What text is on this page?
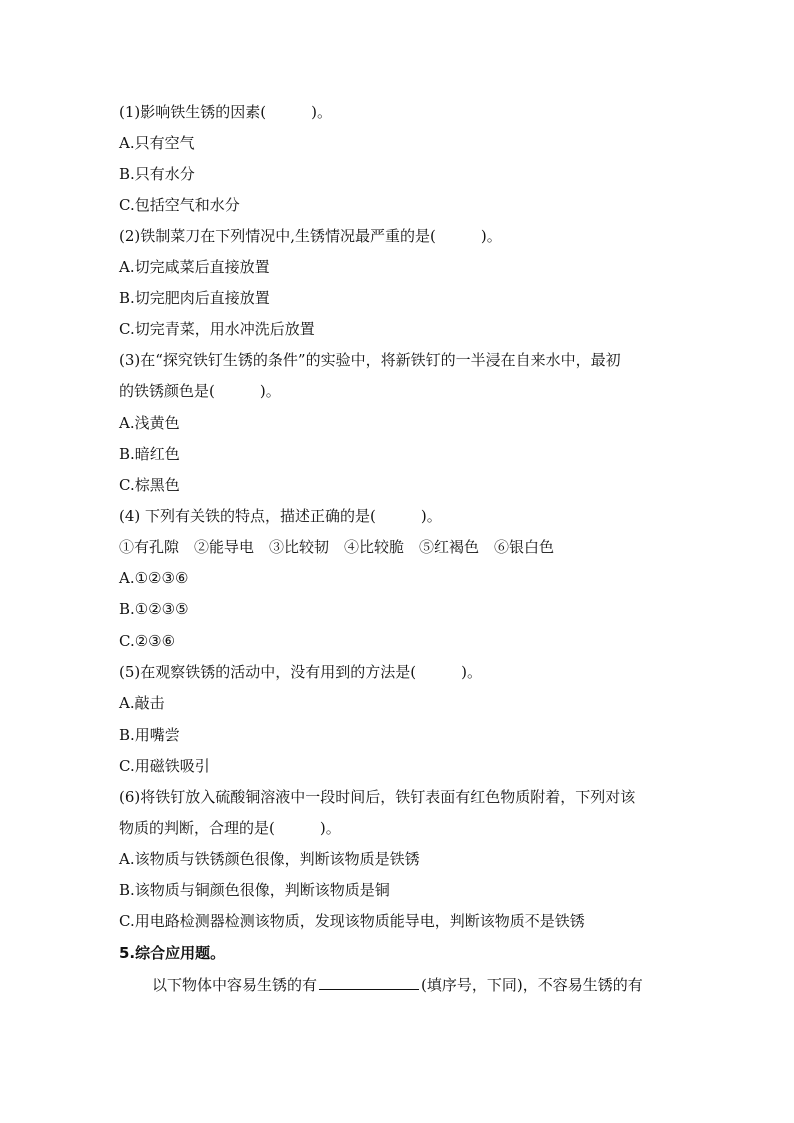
(1)影响铁生锈的因素(　　　)。
A.只有空气
B.只有水分
C.包括空气和水分
(2)铁制菜刀在下列情况中,生锈情况最严重的是(　　　)。
A.切完咸菜后直接放置
B.切完肥肉后直接放置
C.切完青菜，用水冲洗后放置
(3)在“探究铁钉生锈的条件”的实验中，将新铁钉的一半浸在自来水中，最初
的铁锈颜色是(　　　)。
A.浅黄色
B.暗红色
C.棕黑色
(4) 下列有关铁的特点，描述正确的是(　　　)。
①有孔隙　②能导电　③比较韧　④比较脆　⑤红褐色　⑥银白色
A.①②③⑥
B.①②③⑤
C.②③⑥
(5)在观察铁锈的活动中，没有用到的方法是(　　　)。
A.敲击
B.用嘴尝
C.用磁铁吸引
(6)将铁钉放入硫酸铜溶液中一段时间后，铁钉表面有红色物质附着，下列对该
物质的判断，合理的是(　　　)。
A.该物质与铁锈颜色很像，判断该物质是铁锈
B.该物质与铜颜色很像，判断该物质是铜
C.用电路检测器检测该物质，发现该物质能导电，判断该物质不是铁锈
5.综合应用题。
以下物体中容易生锈的有	(填序号，下同)，不容易生锈的有
